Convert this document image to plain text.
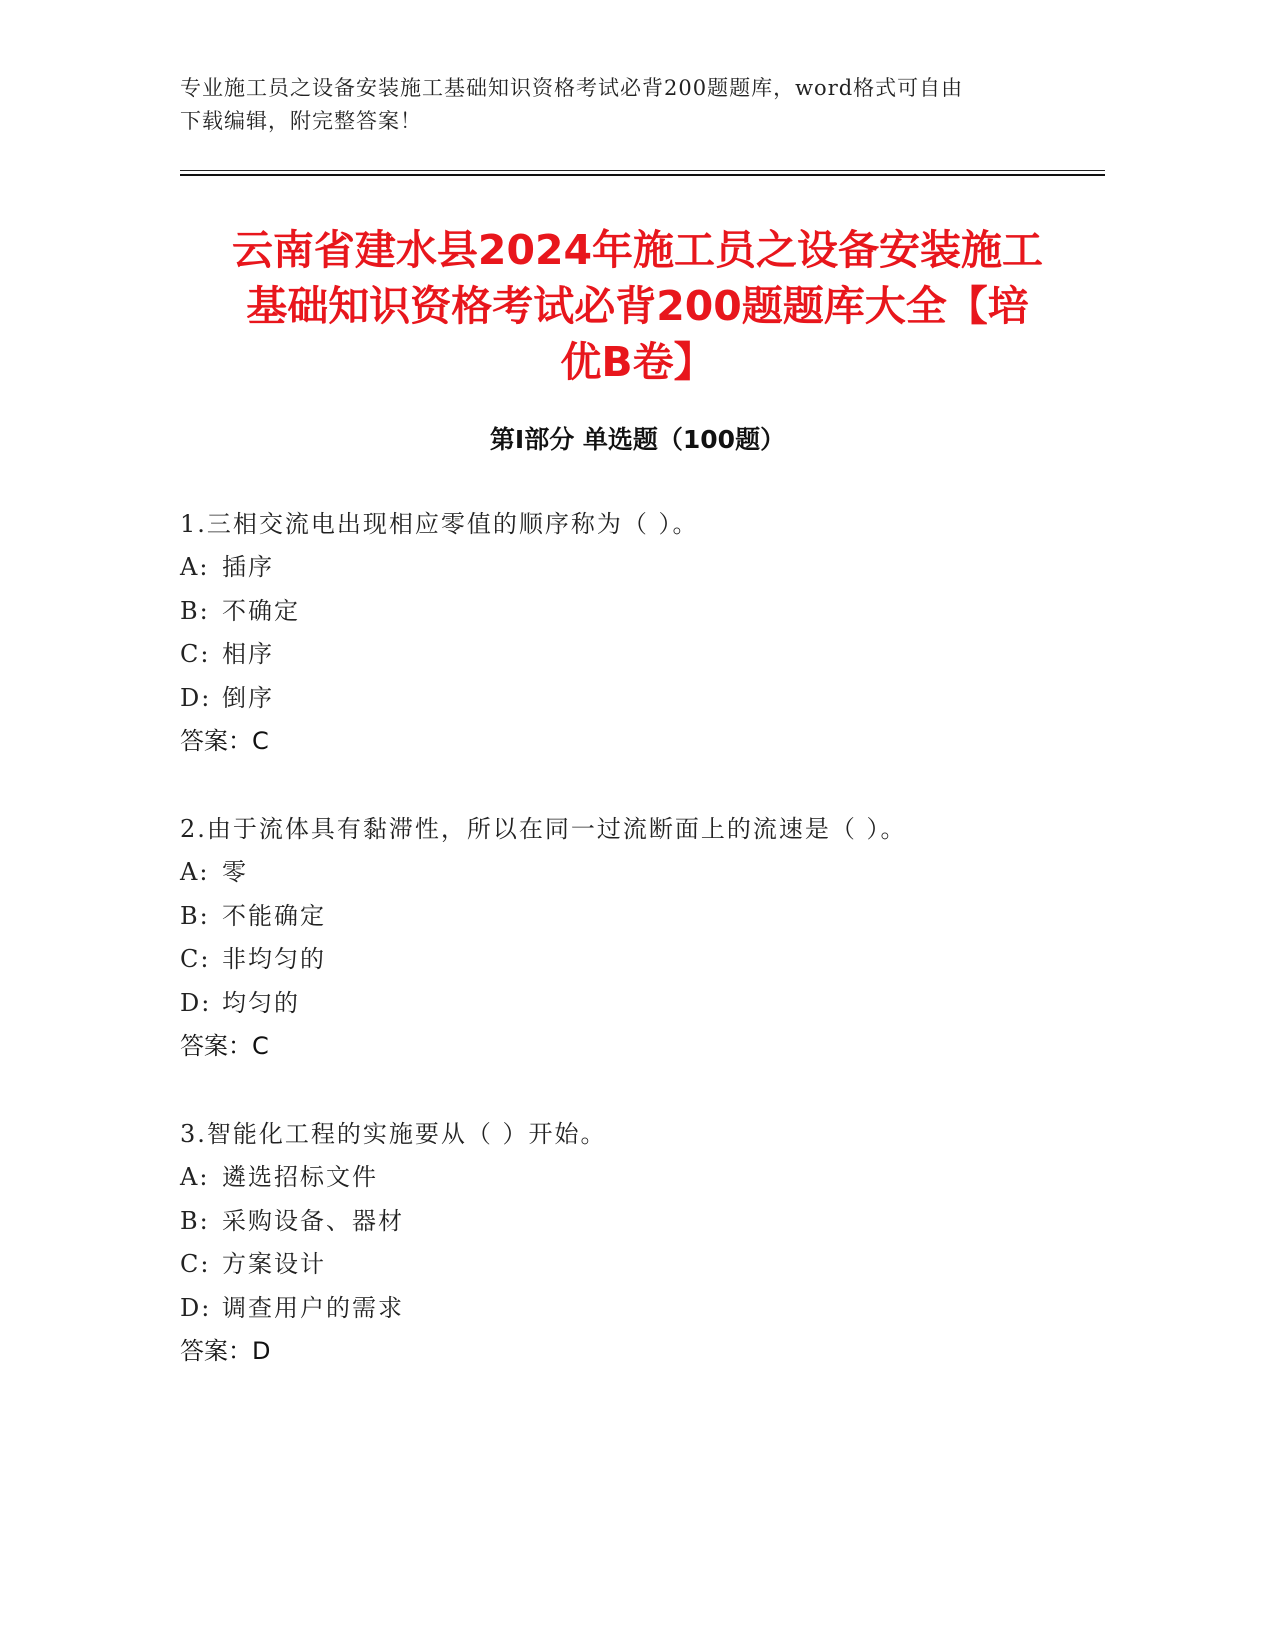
专业施工员之设备安装施工基础知识资格考试必背200题题库，word格式可自由
下载编辑，附完整答案！

云南省建水县2024年施工员之设备安装施工
基础知识资格考试必背200题题库大全【培
优B卷】
第Ⅰ部分 单选题（100题）

1.三相交流电出现相应零值的顺序称为（ ）。

A: 插序

B: 不确定

C: 相序

D: 倒序

答案：C

2.由于流体具有黏滞性，所以在同一过流断面上的流速是（ ）。

A: 零

B: 不能确定

C: 非均匀的

D: 均匀的

答案：C

3.智能化工程的实施要从（ ）开始。

A: 遴选招标文件

B: 采购设备、器材

C: 方案设计

D: 调查用户的需求

答案：D
